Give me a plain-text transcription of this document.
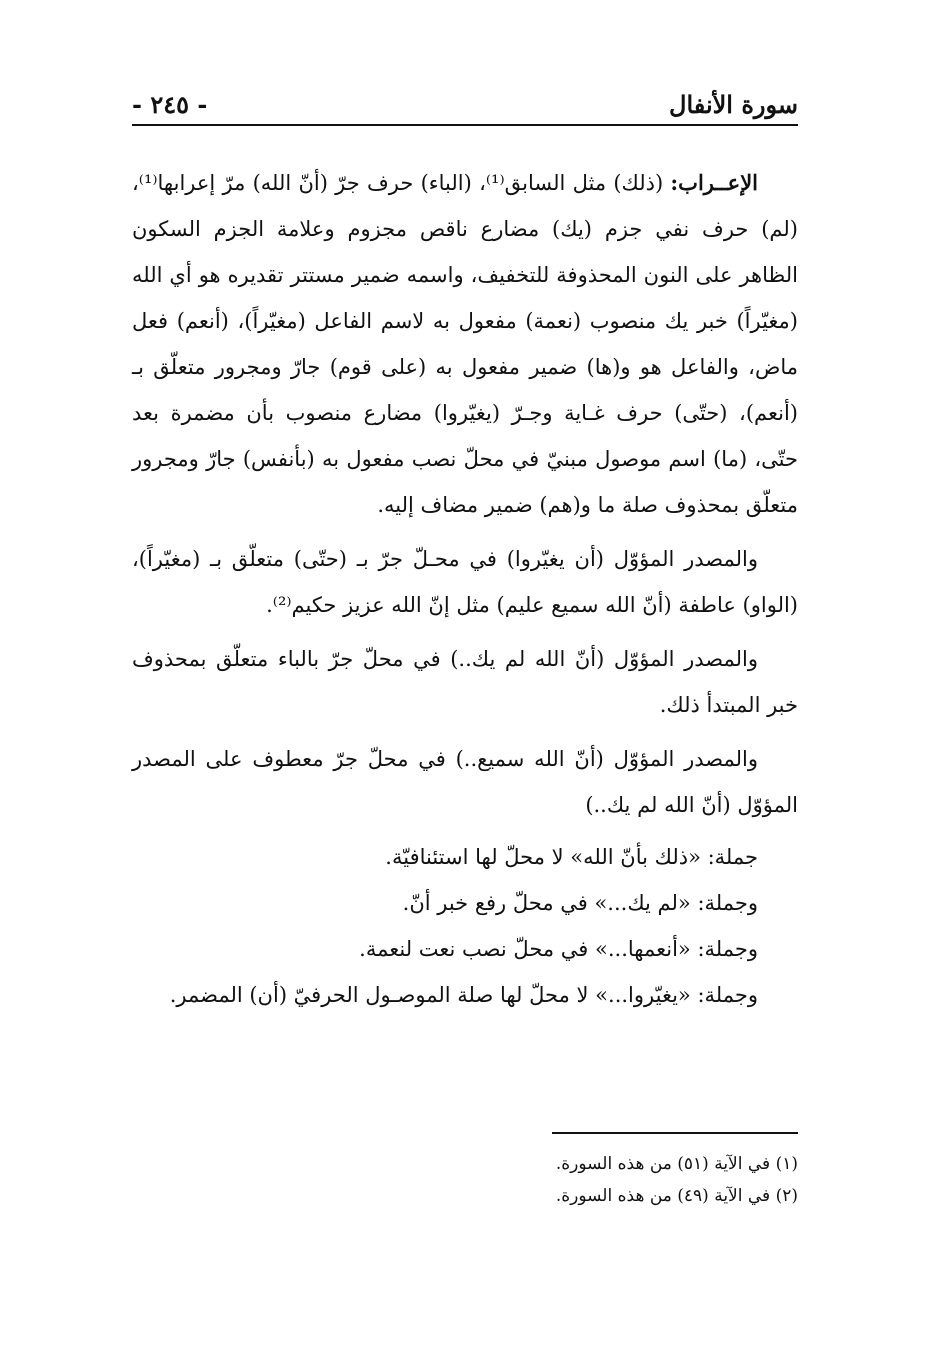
سورة الأنفال
- ٢٤٥ -

الإعــراب: (ذلك) مثل السابق⁽¹⁾، (الباء) حرف جرّ (أنّ الله) مرّ إعرابها⁽¹⁾، (لم) حرف نفي جزم (يك) مضارع ناقص مجزوم وعلامة الجزم السكون الظاهر على النون المحذوفة للتخفيف، واسمه ضمير مستتر تقديره هو أي الله (مغيّراً) خبر يك منصوب (نعمة) مفعول به لاسم الفاعل (مغيّراً)، (أنعم) فعل ماض، والفاعل هو و(ها) ضمير مفعول به (على قوم) جارّ ومجرور متعلّق بـ (أنعم)، (حتّى) حرف غـاية وجـرّ (يغيّروا) مضارع منصوب بأن مضمرة بعد حتّى، (ما) اسم موصول مبنيّ في محلّ نصب مفعول به (بأنفس) جارّ ومجرور متعلّق بمحذوف صلة ما و(هم) ضمير مضاف إليه.

والمصدر المؤوّل (أن يغيّروا) في محـلّ جرّ بـ (حتّى) متعلّق بـ (مغيّراً)، (الواو) عاطفة (أنّ الله سميع عليم) مثل إنّ الله عزيز حكيم⁽²⁾.

والمصدر المؤوّل (أنّ الله لم يك..) في محلّ جرّ بالباء متعلّق بمحذوف خبر المبتدأ ذلك.

والمصدر المؤوّل (أنّ الله سميع..) في محلّ جرّ معطوف على المصدر المؤوّل (أنّ الله لم يك..)

جملة: «ذلك بأنّ الله» لا محلّ لها استئنافيّة.

وجملة: «لم يك...» في محلّ رفع خبر أنّ.

وجملة: «أنعمها...» في محلّ نصب نعت لنعمة.

وجملة: «يغيّروا...» لا محلّ لها صلة الموصـول الحرفيّ (أن) المضمر.

(١) في الآية (٥١) من هذه السورة.

(٢) في الآية (٤٩) من هذه السورة.
